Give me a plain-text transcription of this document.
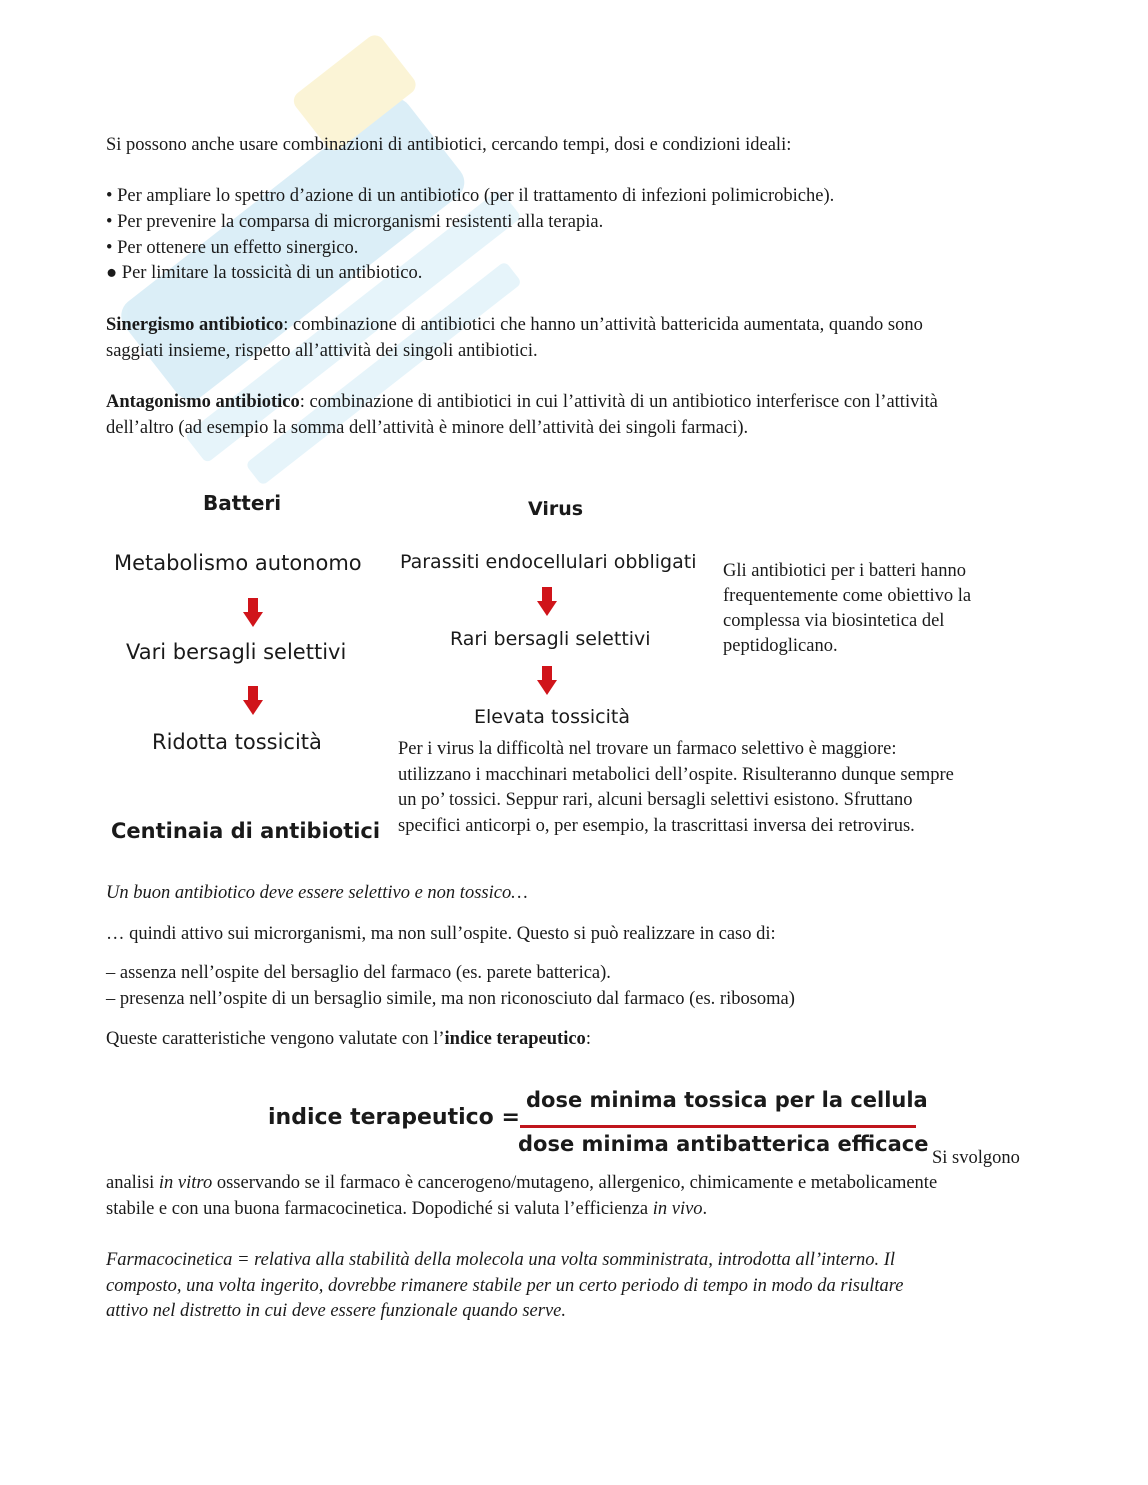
Si possono anche usare combinazioni di antibiotici, cercando tempi, dosi e condizioni ideali:

• Per ampliare lo spettro d’azione di un antibiotico (per il trattamento di infezioni polimicrobiche).

• Per prevenire la comparsa di microrganismi resistenti alla terapia.

• Per ottenere un effetto sinergico.

● Per limitare la tossicità di un antibiotico.

Sinergismo antibiotico: combinazione di antibiotici che hanno un’attività battericida aumentata, quando sono

saggiati insieme, rispetto all’attività dei singoli antibiotici.

Antagonismo antibiotico: combinazione di antibiotici in cui l’attività di un antibiotico interferisce con l’attività

dell’altro (ad esempio la somma dell’attività è minore dell’attività dei singoli farmaci).

Batteri
Metabolismo autonomo
Vari bersagli selettivi
Ridotta tossicità
Centinaia di antibiotici
Virus
Parassiti endocellulari obbligati
Rari bersagli selettivi
Elevata tossicità

Gli antibiotici per i batteri hanno

frequentemente come obiettivo la

complessa via biosintetica del

peptidoglicano.

Per i virus la difficoltà nel trovare un farmaco selettivo è maggiore:

utilizzano i macchinari metabolici dell’ospite. Risulteranno dunque sempre

un po’ tossici. Seppur rari, alcuni bersagli selettivi esistono. Sfruttano

specifici anticorpi o, per esempio, la trascrittasi inversa dei retrovirus.

Un buon antibiotico deve essere selettivo e non tossico…

… quindi attivo sui microrganismi, ma non sull’ospite. Questo si può realizzare in caso di:

– assenza nell’ospite del bersaglio del farmaco (es. parete batterica).

– presenza nell’ospite di un bersaglio simile, ma non riconosciuto dal farmaco (es. ribosoma)

Queste caratteristiche vengono valutate con l’indice terapeutico:

indice terapeutico =
dose minima tossica per la cellula
dose minima antibatterica efficace

Si svolgono

analisi in vitro osservando se il farmaco è cancerogeno/mutageno, allergenico, chimicamente e metabolicamente

stabile e con una buona farmacocinetica. Dopodiché si valuta l’efficienza in vivo.

Farmacocinetica = relativa alla stabilità della molecola una volta somministrata, introdotta all’interno. Il

composto, una volta ingerito, dovrebbe rimanere stabile per un certo periodo di tempo in modo da risultare

attivo nel distretto in cui deve essere funzionale quando serve.
